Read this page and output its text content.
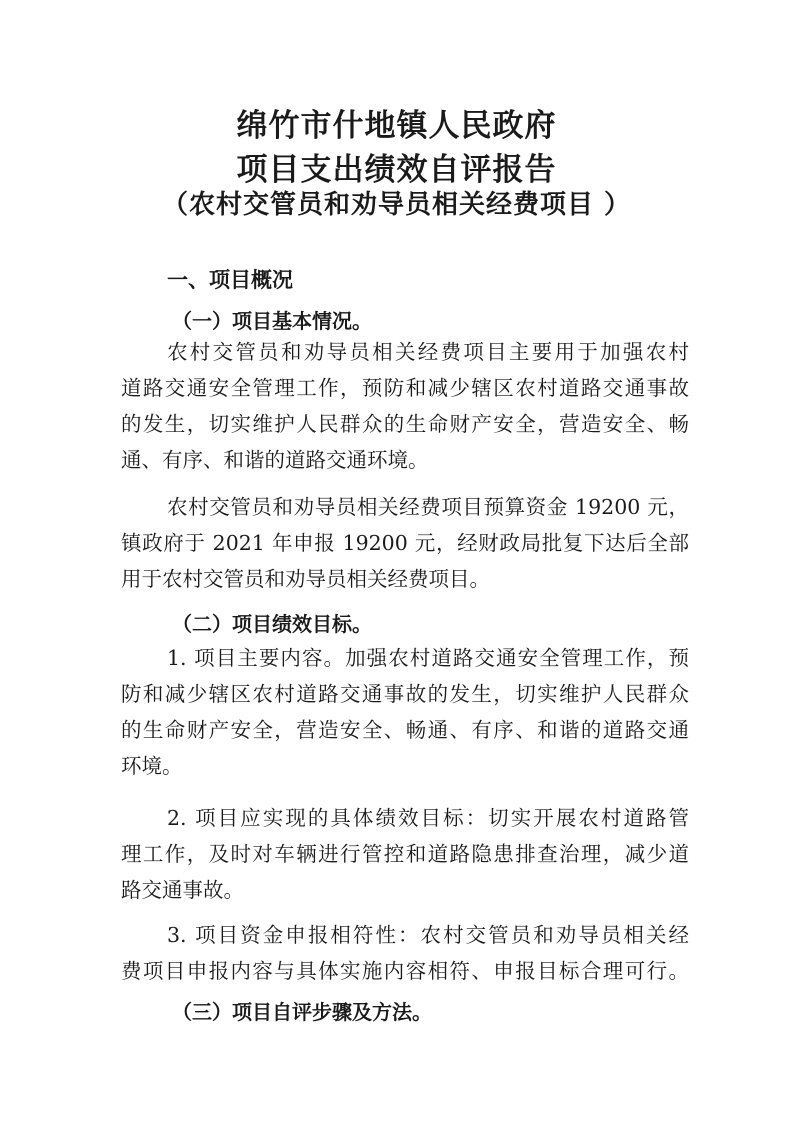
绵竹市什地镇人民政府
项目支出绩效自评报告
（农村交管员和劝导员相关经费项目 ）
一、项目概况
（一）项目基本情况。

农村交管员和劝导员相关经费项目主要用于加强农村
道路交通安全管理工作，预防和减少辖区农村道路交通事故
的发生，切实维护人民群众的生命财产安全，营造安全、畅
通、有序、和谐的道路交通环境。

农村交管员和劝导员相关经费项目预算资金 19200 元，
镇政府于 2021 年申报 19200 元，经财政局批复下达后全部
用于农村交管员和劝导员相关经费项目。

（二）项目绩效目标。

1. 项目主要内容。加强农村道路交通安全管理工作，预
防和减少辖区农村道路交通事故的发生，切实维护人民群众
的生命财产安全，营造安全、畅通、有序、和谐的道路交通
环境。

2. 项目应实现的具体绩效目标：切实开展农村道路管
理工作，及时对车辆进行管控和道路隐患排查治理，减少道
路交通事故。

3. 项目资金申报相符性：农村交管员和劝导员相关经
费项目申报内容与具体实施内容相符、申报目标合理可行。

（三）项目自评步骤及方法。
